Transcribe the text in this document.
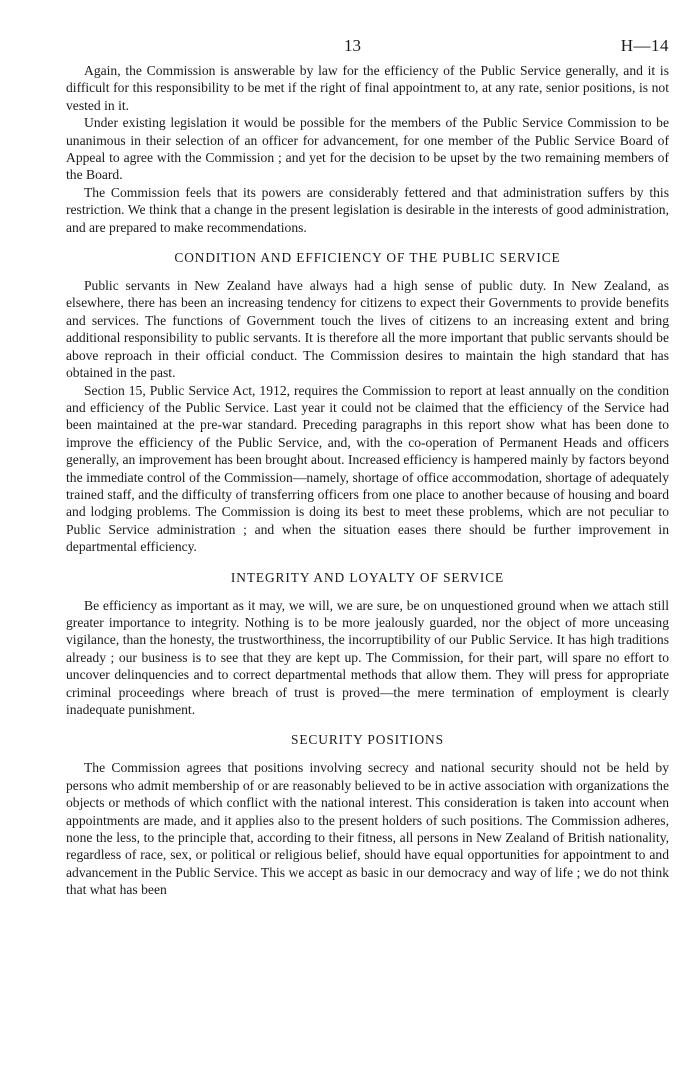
13	H—14

Again, the Commission is answerable by law for the efficiency of the Public Service generally, and it is difficult for this responsibility to be met if the right of final appointment to, at any rate, senior positions, is not vested in it.

Under existing legislation it would be possible for the members of the Public Service Commission to be unanimous in their selection of an officer for advancement, for one member of the Public Service Board of Appeal to agree with the Commission ; and yet for the decision to be upset by the two remaining members of the Board.

The Commission feels that its powers are considerably fettered and that administration suffers by this restriction. We think that a change in the present legislation is desirable in the interests of good administration, and are prepared to make recommendations.

CONDITION AND EFFICIENCY OF THE PUBLIC SERVICE

Public servants in New Zealand have always had a high sense of public duty. In New Zealand, as elsewhere, there has been an increasing tendency for citizens to expect their Governments to provide benefits and services. The functions of Government touch the lives of citizens to an increasing extent and bring additional responsibility to public servants. It is therefore all the more important that public servants should be above reproach in their official conduct. The Commission desires to maintain the high standard that has obtained in the past.

Section 15, Public Service Act, 1912, requires the Commission to report at least annually on the condition and efficiency of the Public Service. Last year it could not be claimed that the efficiency of the Service had been maintained at the pre-war standard. Preceding paragraphs in this report show what has been done to improve the efficiency of the Public Service, and, with the co-operation of Permanent Heads and officers generally, an improvement has been brought about. Increased efficiency is hampered mainly by factors beyond the immediate control of the Commission—namely, shortage of office accommodation, shortage of adequately trained staff, and the difficulty of transferring officers from one place to another because of housing and board and lodging problems. The Commission is doing its best to meet these problems, which are not peculiar to Public Service administration ; and when the situation eases there should be further improvement in departmental efficiency.

INTEGRITY AND LOYALTY OF SERVICE

Be efficiency as important as it may, we will, we are sure, be on unquestioned ground when we attach still greater importance to integrity. Nothing is to be more jealously guarded, nor the object of more unceasing vigilance, than the honesty, the trustworthiness, the incorruptibility of our Public Service. It has high traditions already ; our business is to see that they are kept up. The Commission, for their part, will spare no effort to uncover delinquencies and to correct departmental methods that allow them. They will press for appropriate criminal proceedings where breach of trust is proved—the mere termination of employment is clearly inadequate punishment.

SECURITY POSITIONS

The Commission agrees that positions involving secrecy and national security should not be held by persons who admit membership of or are reasonably believed to be in active association with organizations the objects or methods of which conflict with the national interest. This consideration is taken into account when appointments are made, and it applies also to the present holders of such positions. The Commission adheres, none the less, to the principle that, according to their fitness, all persons in New Zealand of British nationality, regardless of race, sex, or political or religious belief, should have equal opportunities for appointment to and advancement in the Public Service. This we accept as basic in our democracy and way of life ; we do not think that what has been
